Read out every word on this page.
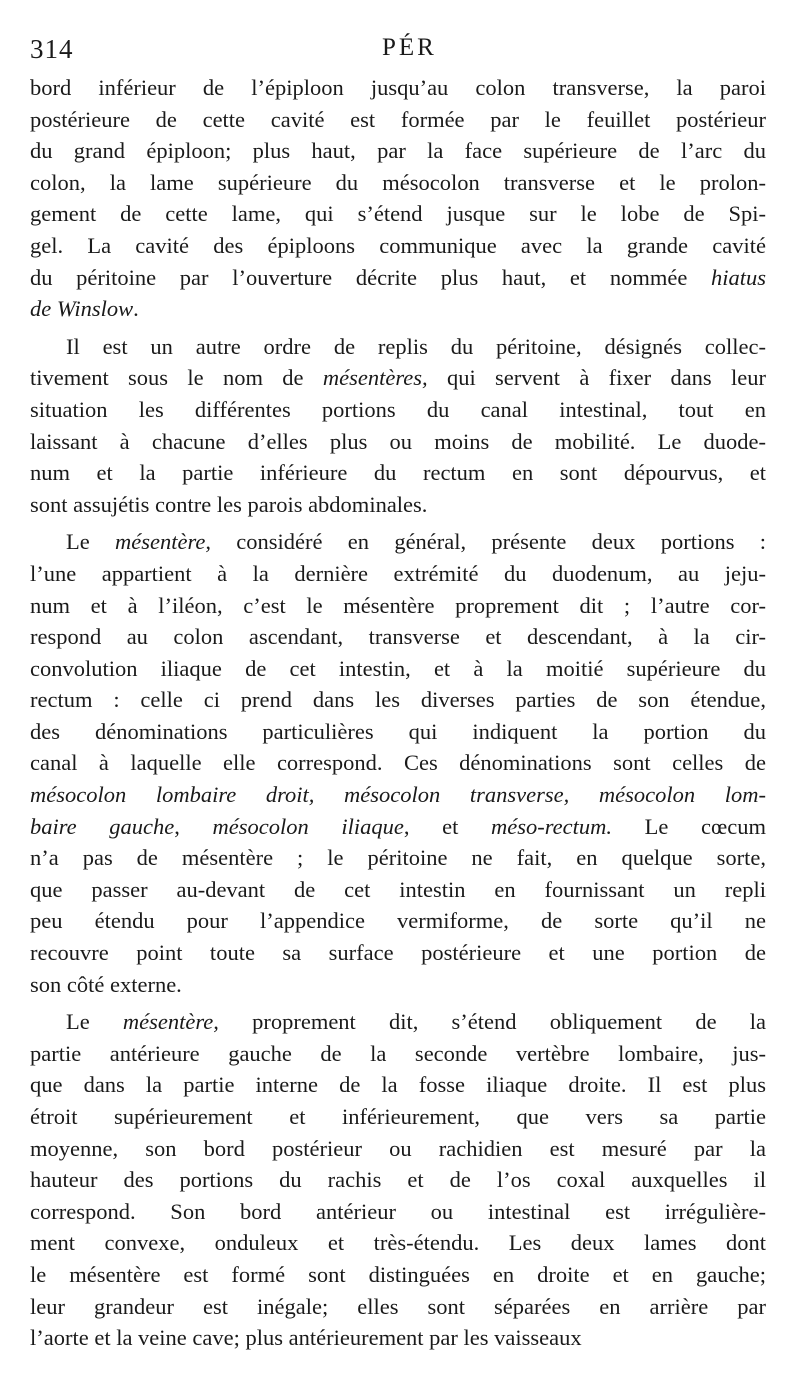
314	PÉR
bord inférieur de l’épiploon jusqu’au colon transverse, la paroi
postérieure de cette cavité est formée par le feuillet postérieur
du grand épiploon; plus haut, par la face supérieure de l’arc du
colon, la lame supérieure du mésocolon transverse et le prolon-
gement de cette lame, qui s’étend jusque sur le lobe de Spi-
gel. La cavité des épiploons communique avec la grande cavité
du péritoine par l’ouverture décrite plus haut, et nommée hiatus
de Winslow.
Il est un autre ordre de replis du péritoine, désignés collec-
tivement sous le nom de mésentères, qui servent à fixer dans leur
situation les différentes portions du canal intestinal, tout en
laissant à chacune d’elles plus ou moins de mobilité. Le duode-
num et la partie inférieure du rectum en sont dépourvus, et
sont assujétis contre les parois abdominales.
Le mésentère, considéré en général, présente deux portions :
l’une appartient à la dernière extrémité du duodenum, au jeju-
num et à l’iléon, c’est le mésentère proprement dit ; l’autre cor-
respond au colon ascendant, transverse et descendant, à la cir-
convolution iliaque de cet intestin, et à la moitié supérieure du
rectum : celle ci prend dans les diverses parties de son étendue,
des dénominations particulières qui indiquent la portion du
canal à laquelle elle correspond. Ces dénominations sont celles de
mésocolon lombaire droit, mésocolon transverse, mésocolon lom-
baire gauche, mésocolon iliaque, et méso-rectum. Le cœcum
n’a pas de mésentère ; le péritoine ne fait, en quelque sorte,
que passer au-devant de cet intestin en fournissant un repli
peu étendu pour l’appendice vermiforme, de sorte qu’il ne
recouvre point toute sa surface postérieure et une portion de
son côté externe.
Le mésentère, proprement dit, s’étend obliquement de la
partie antérieure gauche de la seconde vertèbre lombaire, jus-
que dans la partie interne de la fosse iliaque droite. Il est plus
étroit supérieurement et inférieurement, que vers sa partie
moyenne, son bord postérieur ou rachidien est mesuré par la
hauteur des portions du rachis et de l’os coxal auxquelles il
correspond. Son bord antérieur ou intestinal est irrégulière-
ment convexe, onduleux et très-étendu. Les deux lames dont
le mésentère est formé sont distinguées en droite et en gauche;
leur grandeur est inégale; elles sont séparées en arrière par
l’aorte et la veine cave; plus antérieurement par les vaisseaux
